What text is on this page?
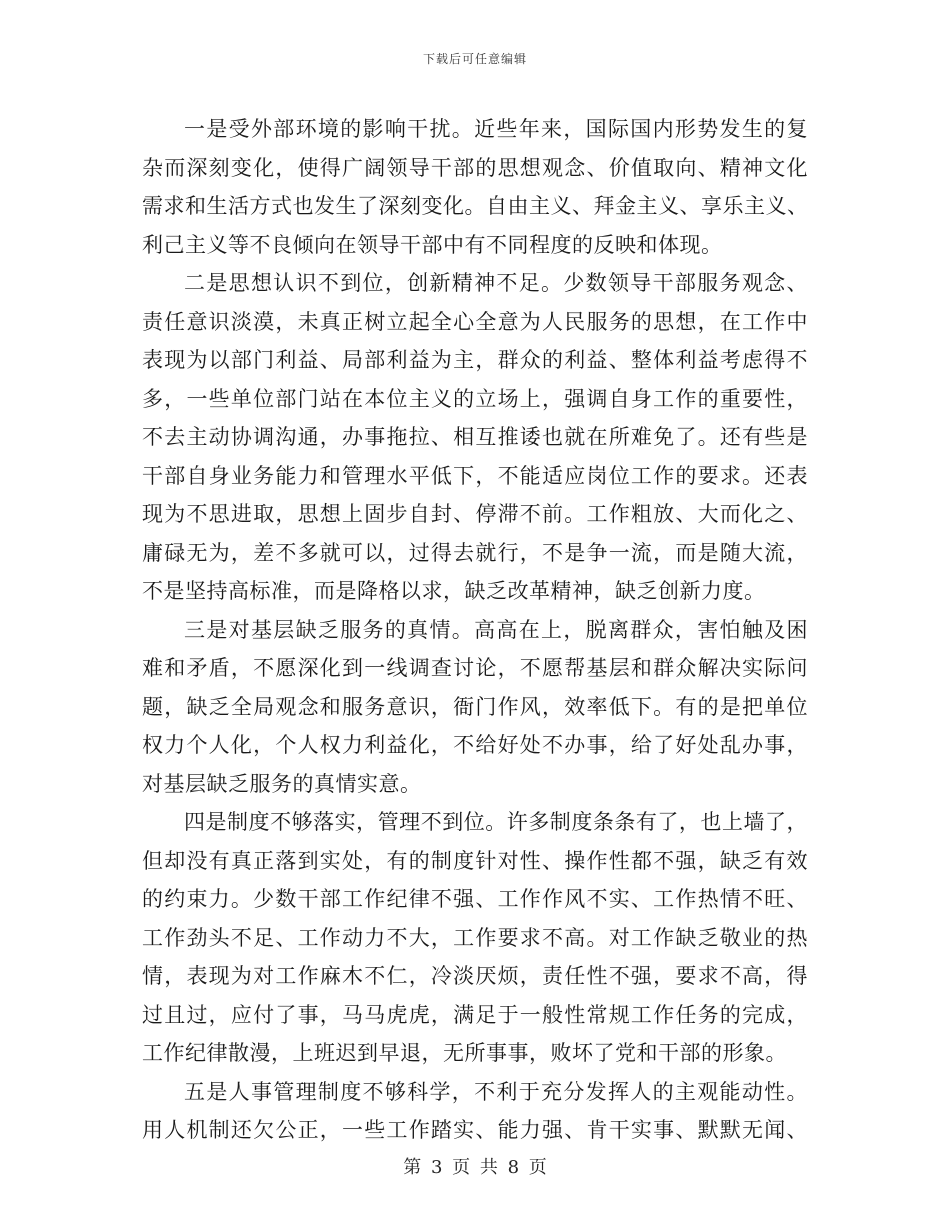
下载后可任意编辑
一是受外部环境的影响干扰。近些年来，国际国内形势发生的复
杂而深刻变化，使得广阔领导干部的思想观念、价值取向、精神文化
需求和生活方式也发生了深刻变化。自由主义、拜金主义、享乐主义、
利己主义等不良倾向在领导干部中有不同程度的反映和体现。
二是思想认识不到位，创新精神不足。少数领导干部服务观念、
责任意识淡漠，未真正树立起全心全意为人民服务的思想，在工作中
表现为以部门利益、局部利益为主，群众的利益、整体利益考虑得不
多，一些单位部门站在本位主义的立场上，强调自身工作的重要性，
不去主动协调沟通，办事拖拉、相互推诿也就在所难免了。还有些是
干部自身业务能力和管理水平低下，不能适应岗位工作的要求。还表
现为不思进取，思想上固步自封、停滞不前。工作粗放、大而化之、
庸碌无为，差不多就可以，过得去就行，不是争一流，而是随大流，
不是坚持高标准，而是降格以求，缺乏改革精神，缺乏创新力度。
三是对基层缺乏服务的真情。高高在上，脱离群众，害怕触及困
难和矛盾，不愿深化到一线调查讨论，不愿帮基层和群众解决实际问
题，缺乏全局观念和服务意识，衙门作风，效率低下。有的是把单位
权力个人化，个人权力利益化，不给好处不办事，给了好处乱办事，
对基层缺乏服务的真情实意。
四是制度不够落实，管理不到位。许多制度条条有了，也上墙了，
但却没有真正落到实处，有的制度针对性、操作性都不强，缺乏有效
的约束力。少数干部工作纪律不强、工作作风不实、工作热情不旺、
工作劲头不足、工作动力不大，工作要求不高。对工作缺乏敬业的热
情，表现为对工作麻木不仁，冷淡厌烦，责任性不强，要求不高，得
过且过，应付了事，马马虎虎，满足于一般性常规工作任务的完成，
工作纪律散漫，上班迟到早退，无所事事，败坏了党和干部的形象。
五是人事管理制度不够科学，不利于充分发挥人的主观能动性。
用人机制还欠公正，一些工作踏实、能力强、肯干实事、默默无闻、
第 3 页 共 8 页
